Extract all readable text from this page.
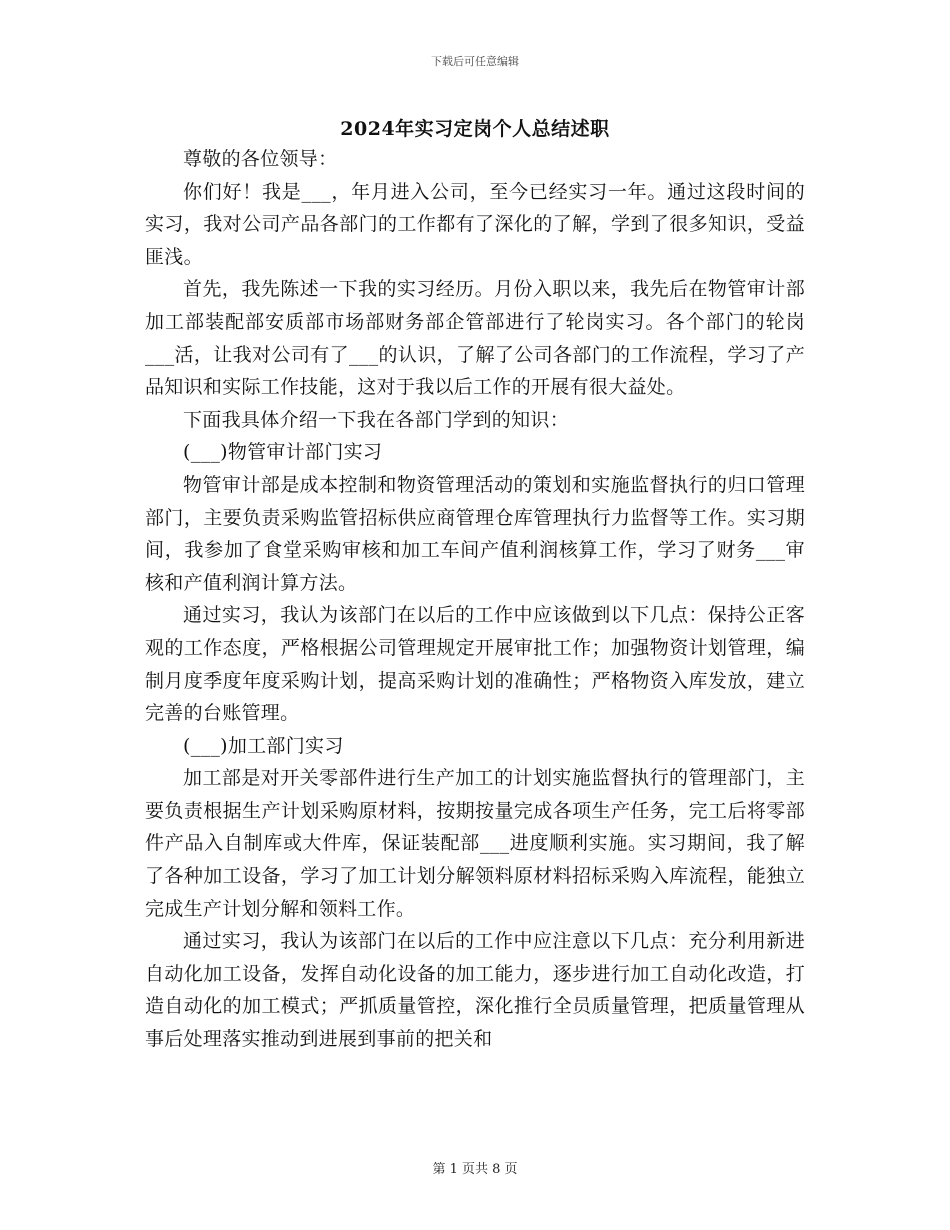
下载后可任意编辑
2024年实习定岗个人总结述职

尊敬的各位领导：

你们好！我是___，年月进入公司，至今已经实习一年。通过这段时间的实习，我对公司产品各部门的工作都有了深化的了解，学到了很多知识，受益匪浅。

首先，我先陈述一下我的实习经历。月份入职以来，我先后在物管审计部加工部装配部安质部市场部财务部企管部进行了轮岗实习。各个部门的轮岗___活，让我对公司有了___的认识，了解了公司各部门的工作流程，学习了产品知识和实际工作技能，这对于我以后工作的开展有很大益处。

下面我具体介绍一下我在各部门学到的知识：

(___)物管审计部门实习

物管审计部是成本控制和物资管理活动的策划和实施监督执行的归口管理部门，主要负责采购监管招标供应商管理仓库管理执行力监督等工作。实习期间，我参加了食堂采购审核和加工车间产值利润核算工作，学习了财务___审核和产值利润计算方法。

通过实习，我认为该部门在以后的工作中应该做到以下几点：保持公正客观的工作态度，严格根据公司管理规定开展审批工作；加强物资计划管理，编制月度季度年度采购计划，提高采购计划的准确性；严格物资入库发放，建立完善的台账管理。

(___)加工部门实习

加工部是对开关零部件进行生产加工的计划实施监督执行的管理部门，主要负责根据生产计划采购原材料，按期按量完成各项生产任务，完工后将零部件产品入自制库或大件库，保证装配部___进度顺利实施。实习期间，我了解了各种加工设备，学习了加工计划分解领料原材料招标采购入库流程，能独立完成生产计划分解和领料工作。

通过实习，我认为该部门在以后的工作中应注意以下几点：充分利用新进自动化加工设备，发挥自动化设备的加工能力，逐步进行加工自动化改造，打造自动化的加工模式；严抓质量管控，深化推行全员质量管理，把质量管理从事后处理落实推动到进展到事前的把关和

第 1 页共 8 页
